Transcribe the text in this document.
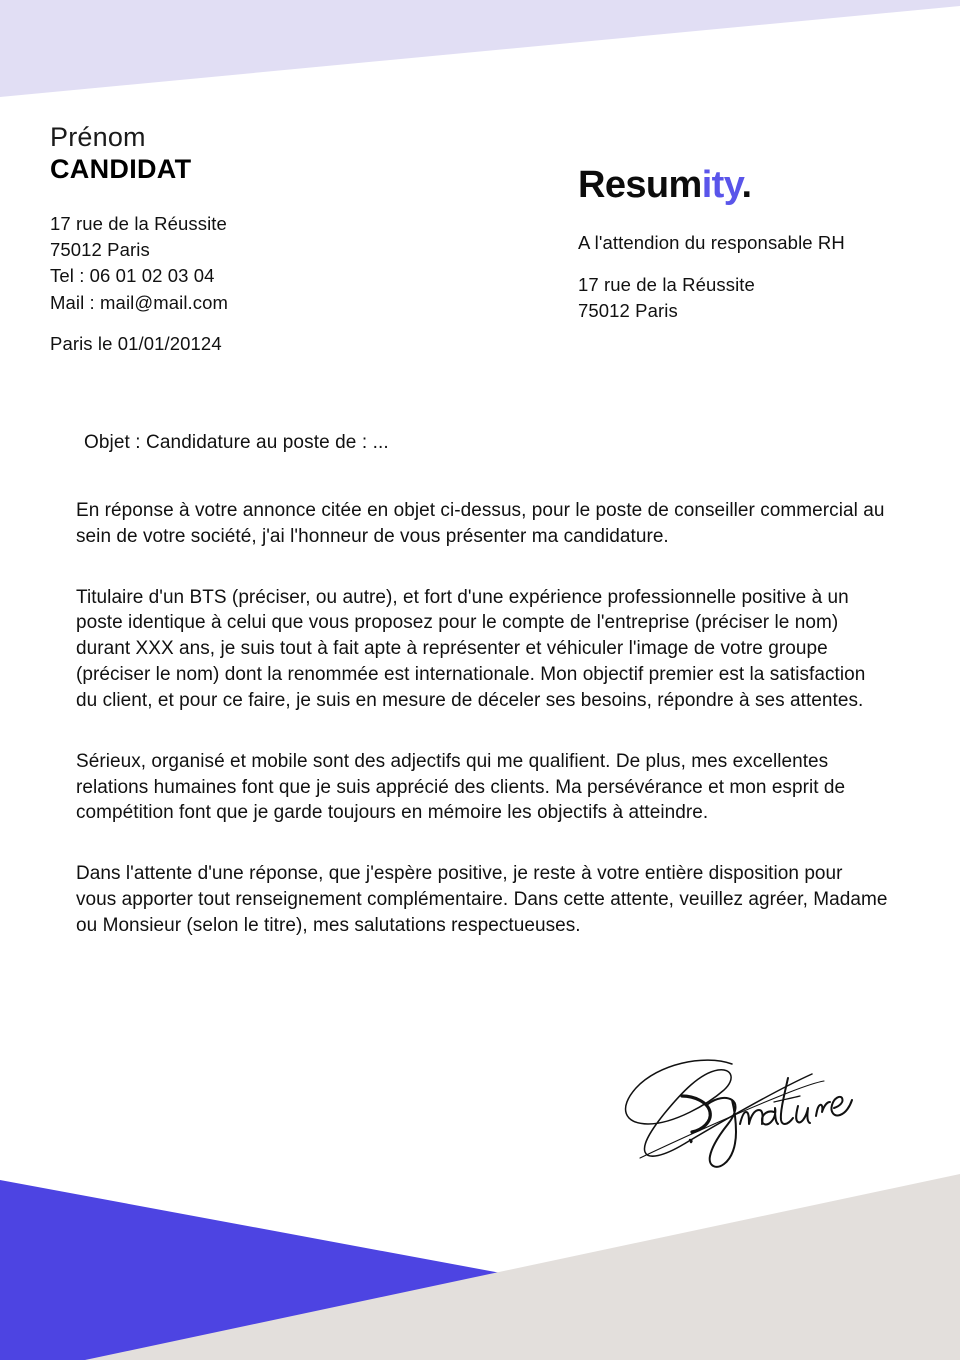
Prénom
CANDIDAT
17 rue de la Réussite
75012 Paris
Tel : 06 01 02 03 04
Mail : mail@mail.com
Paris le 01/01/20124
Resumity.
A l'attendion du responsable RH
17 rue de la Réussite
75012 Paris
Objet : Candidature au poste de : ...

En réponse à votre annonce citée en objet ci-dessus, pour le poste de conseiller commercial au sein de votre société, j'ai l'honneur de vous présenter ma candidature.

Titulaire d'un BTS (préciser, ou autre), et fort d'une expérience professionnelle positive à un poste identique à celui que vous proposez pour le compte de l'entreprise (préciser le nom) durant XXX ans, je suis tout à fait apte à représenter et véhiculer l'image de votre groupe (préciser le nom) dont la renommée est internationale. Mon objectif premier est la satisfaction du client, et pour ce faire, je suis en mesure de déceler ses besoins, répondre à ses attentes.

Sérieux, organisé et mobile sont des adjectifs qui me qualifient. De plus, mes excellentes relations humaines font que je suis apprécié des clients. Ma persévérance et mon esprit de compétition font que je garde toujours en mémoire les objectifs à atteindre.

Dans l'attente d'une réponse, que j'espère positive, je reste à votre entière disposition pour vous apporter tout renseignement complémentaire. Dans cette attente, veuillez agréer, Madame ou Monsieur (selon le titre), mes salutations respectueuses.
